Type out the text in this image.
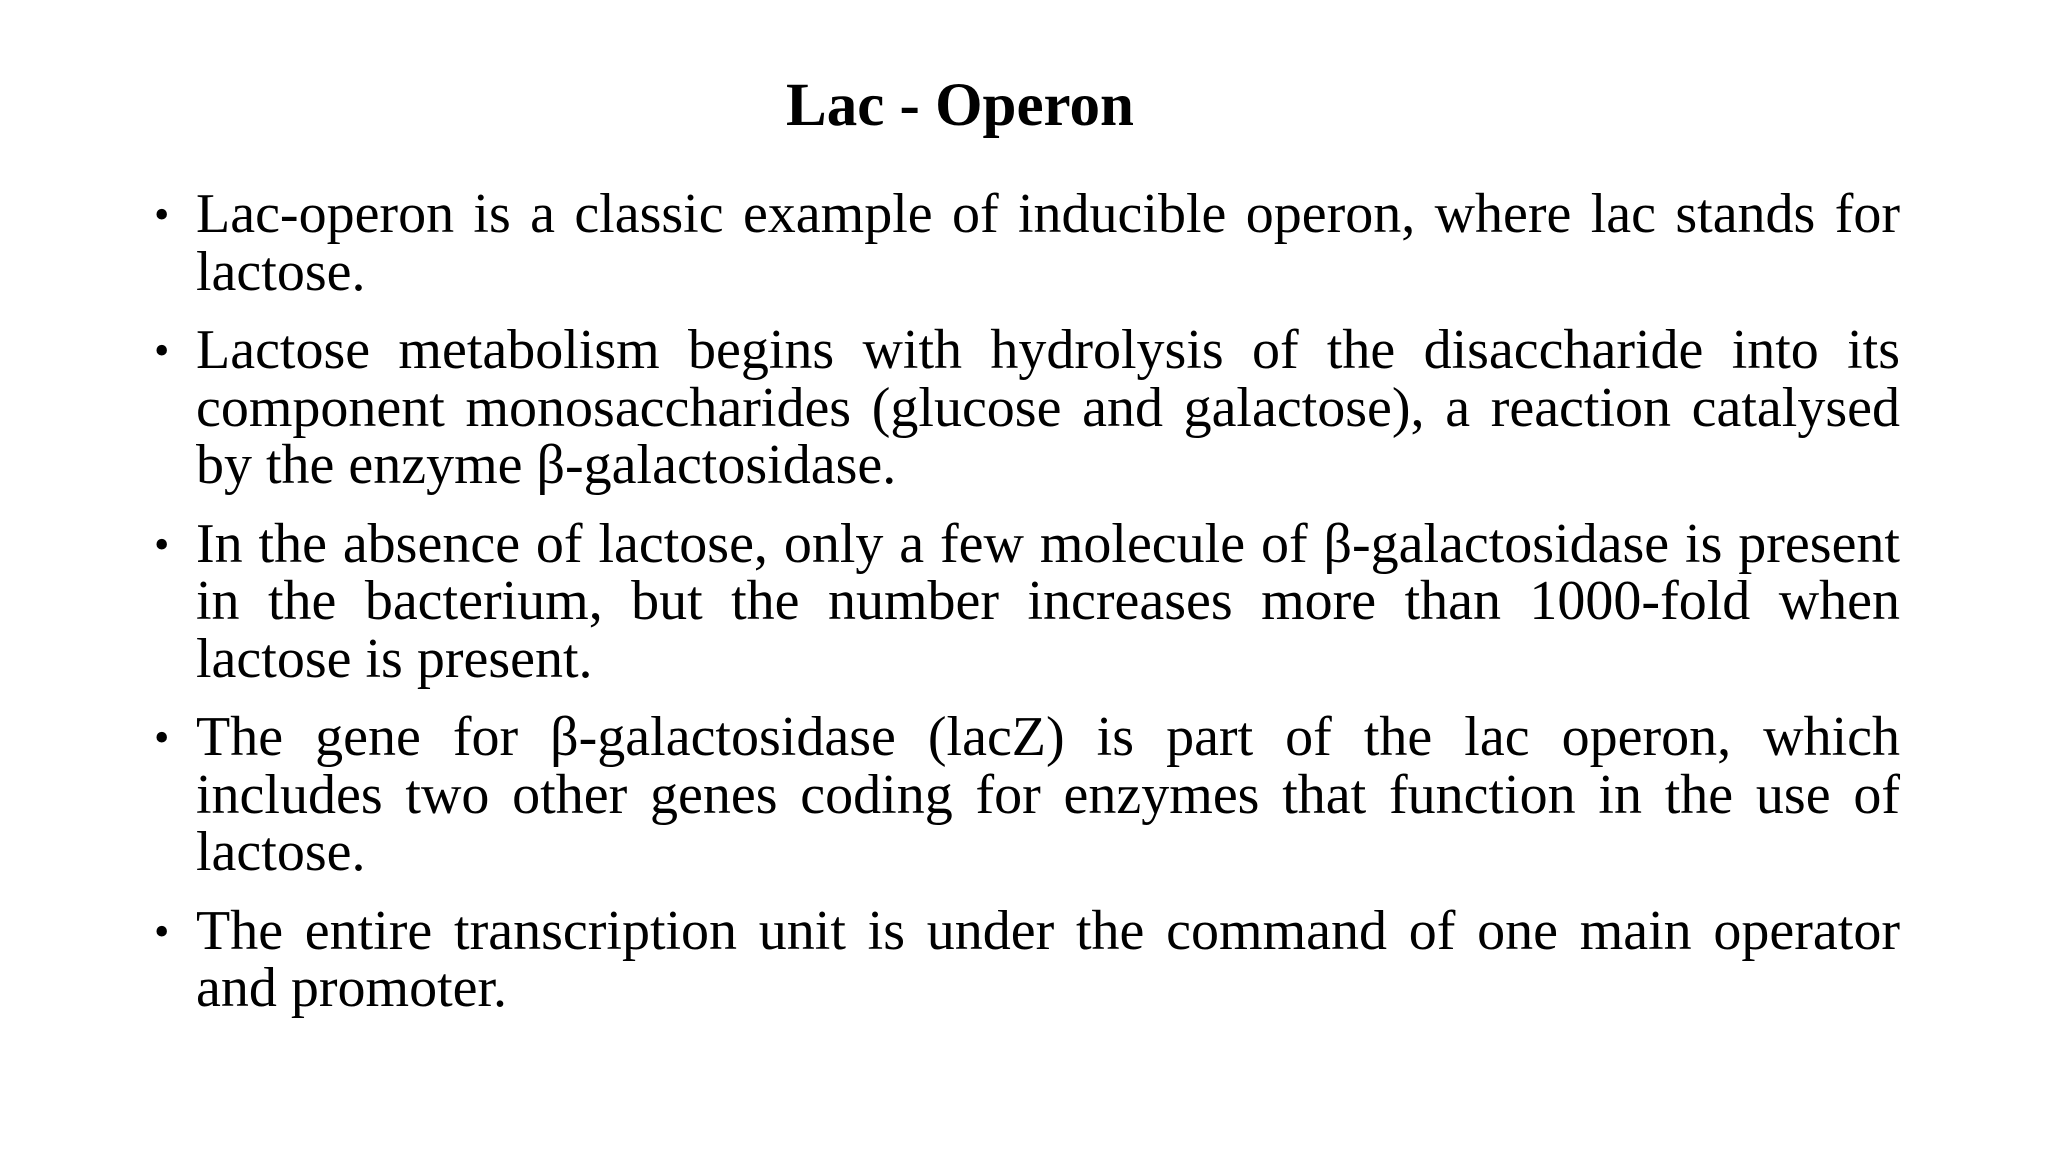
Lac - Operon
• Lac-operon is a classic example of inducible operon, where lac stands for lactose.
• Lactose metabolism begins with hydrolysis of the disaccharide into its component monosaccharides (glucose and galactose), a reaction catalysed by the enzyme β-galactosidase.
• In the absence of lactose, only a few molecule of β-galactosidase is present in the bacterium, but the number increases more than 1000-fold when lactose is present.
• The gene for β-galactosidase (lacZ) is part of the lac operon, which includes two other genes coding for enzymes that function in the use of lactose.
• The entire transcription unit is under the command of one main operator and promoter.
